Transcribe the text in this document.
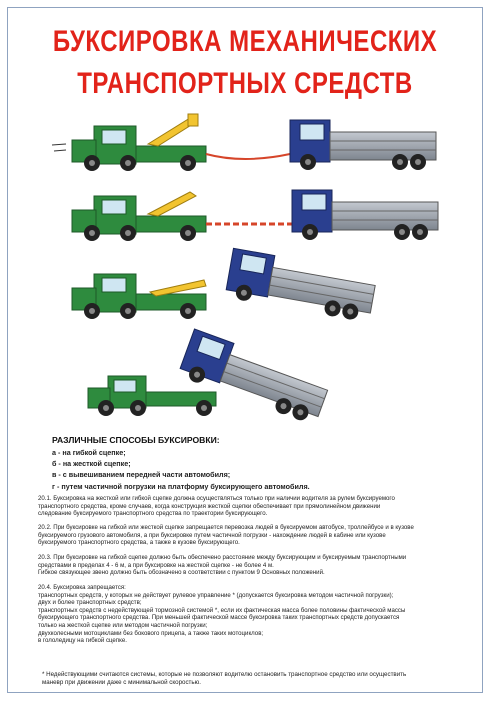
БУКСИРОВКА МЕХАНИЧЕСКИХ
ТРАНСПОРТНЫХ СРЕДСТВ
РАЗЛИЧНЫЕ СПОСОБЫ БУКСИРОВКИ:
а - на гибкой сцепке;
б - на жесткой сцепке;
в - с вывешиванием передней части автомобиля;
г - путем частичной погрузки на платформу буксирующего автомобиля.
20.1. Буксировка на жесткой или гибкой сцепке должна осуществляться только при наличии водителя за рулем буксируемого
транспортного средства, кроме случаев, когда конструкция жесткой сцепки обеспечивает при прямолинейном движении
следование буксируемого транспортного средства по траектории буксирующего.
20.2. При буксировке на гибкой или жесткой сцепке запрещается перевозка людей в буксируемом автобусе, троллейбусе и в кузове
буксируемого грузового автомобиля, а при буксировке путем частичной погрузки - нахождение людей в кабине или кузове
буксируемого транспортного средства, а также в кузове буксирующего.
20.3. При буксировке на гибкой сцепке должно быть обеспечено расстояние между буксирующим и буксируемым транспортными
средствами в пределах 4 - 6 м, а при буксировке на жесткой сцепке - не более 4 м.
Гибкое связующее звено должно быть обозначено в соответствии с пунктом 9 Основных положений.
20.4. Буксировка запрещается:
транспортных средств, у которых не действует рулевое управление * (допускается буксировка методом частичной погрузки);
двух и более транспортных средств;
транспортных средств с недействующей тормозной системой *, если их фактическая масса более половины фактической массы
буксирующего транспортного средства. При меньшей фактической массе буксировка таких транспортных средств допускается
только на жесткой сцепке или методом частичной погрузки;
двухколесными мотоциклами без бокового прицепа, а также таких мотоциклов;
в гололедицу на гибкой сцепке.
* Недействующими считаются системы, которые не позволяют водителю остановить транспортное средство или осуществить
маневр при движении даже с минимальной скоростью.
